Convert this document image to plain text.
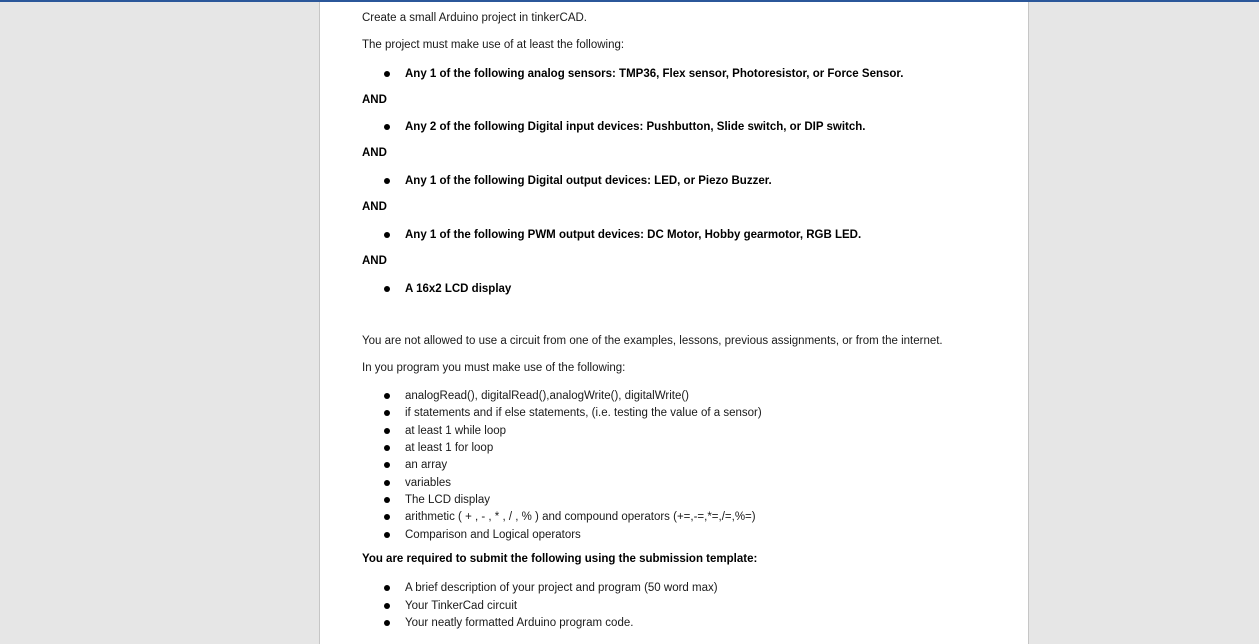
Create a small Arduino project in tinkerCAD.
The project must make use of at least the following:
Any 1 of the following analog sensors: TMP36, Flex sensor, Photoresistor, or Force Sensor.
AND
Any 2 of the following Digital input devices: Pushbutton, Slide switch, or DIP switch.
AND
Any 1 of the following Digital output devices: LED, or Piezo Buzzer.
AND
Any 1 of the following PWM output devices: DC Motor, Hobby gearmotor, RGB LED.
AND
A 16x2 LCD display
You are not allowed to use a circuit from one of the examples, lessons, previous assignments, or from the internet.
In you program you must make use of the following:
analogRead(), digitalRead(),analogWrite(), digitalWrite()
if statements and if else statements, (i.e. testing the value of a sensor)
at least 1 while loop
at least 1 for loop
an array
variables
The LCD display
arithmetic ( + , - , * , / , % ) and compound operators (+=,-=,*=,/=,%=)
Comparison and Logical operators
You are required to submit the following using the submission template:
A brief description of your project and program (50 word max)
Your TinkerCad circuit
Your neatly formatted Arduino program code.
